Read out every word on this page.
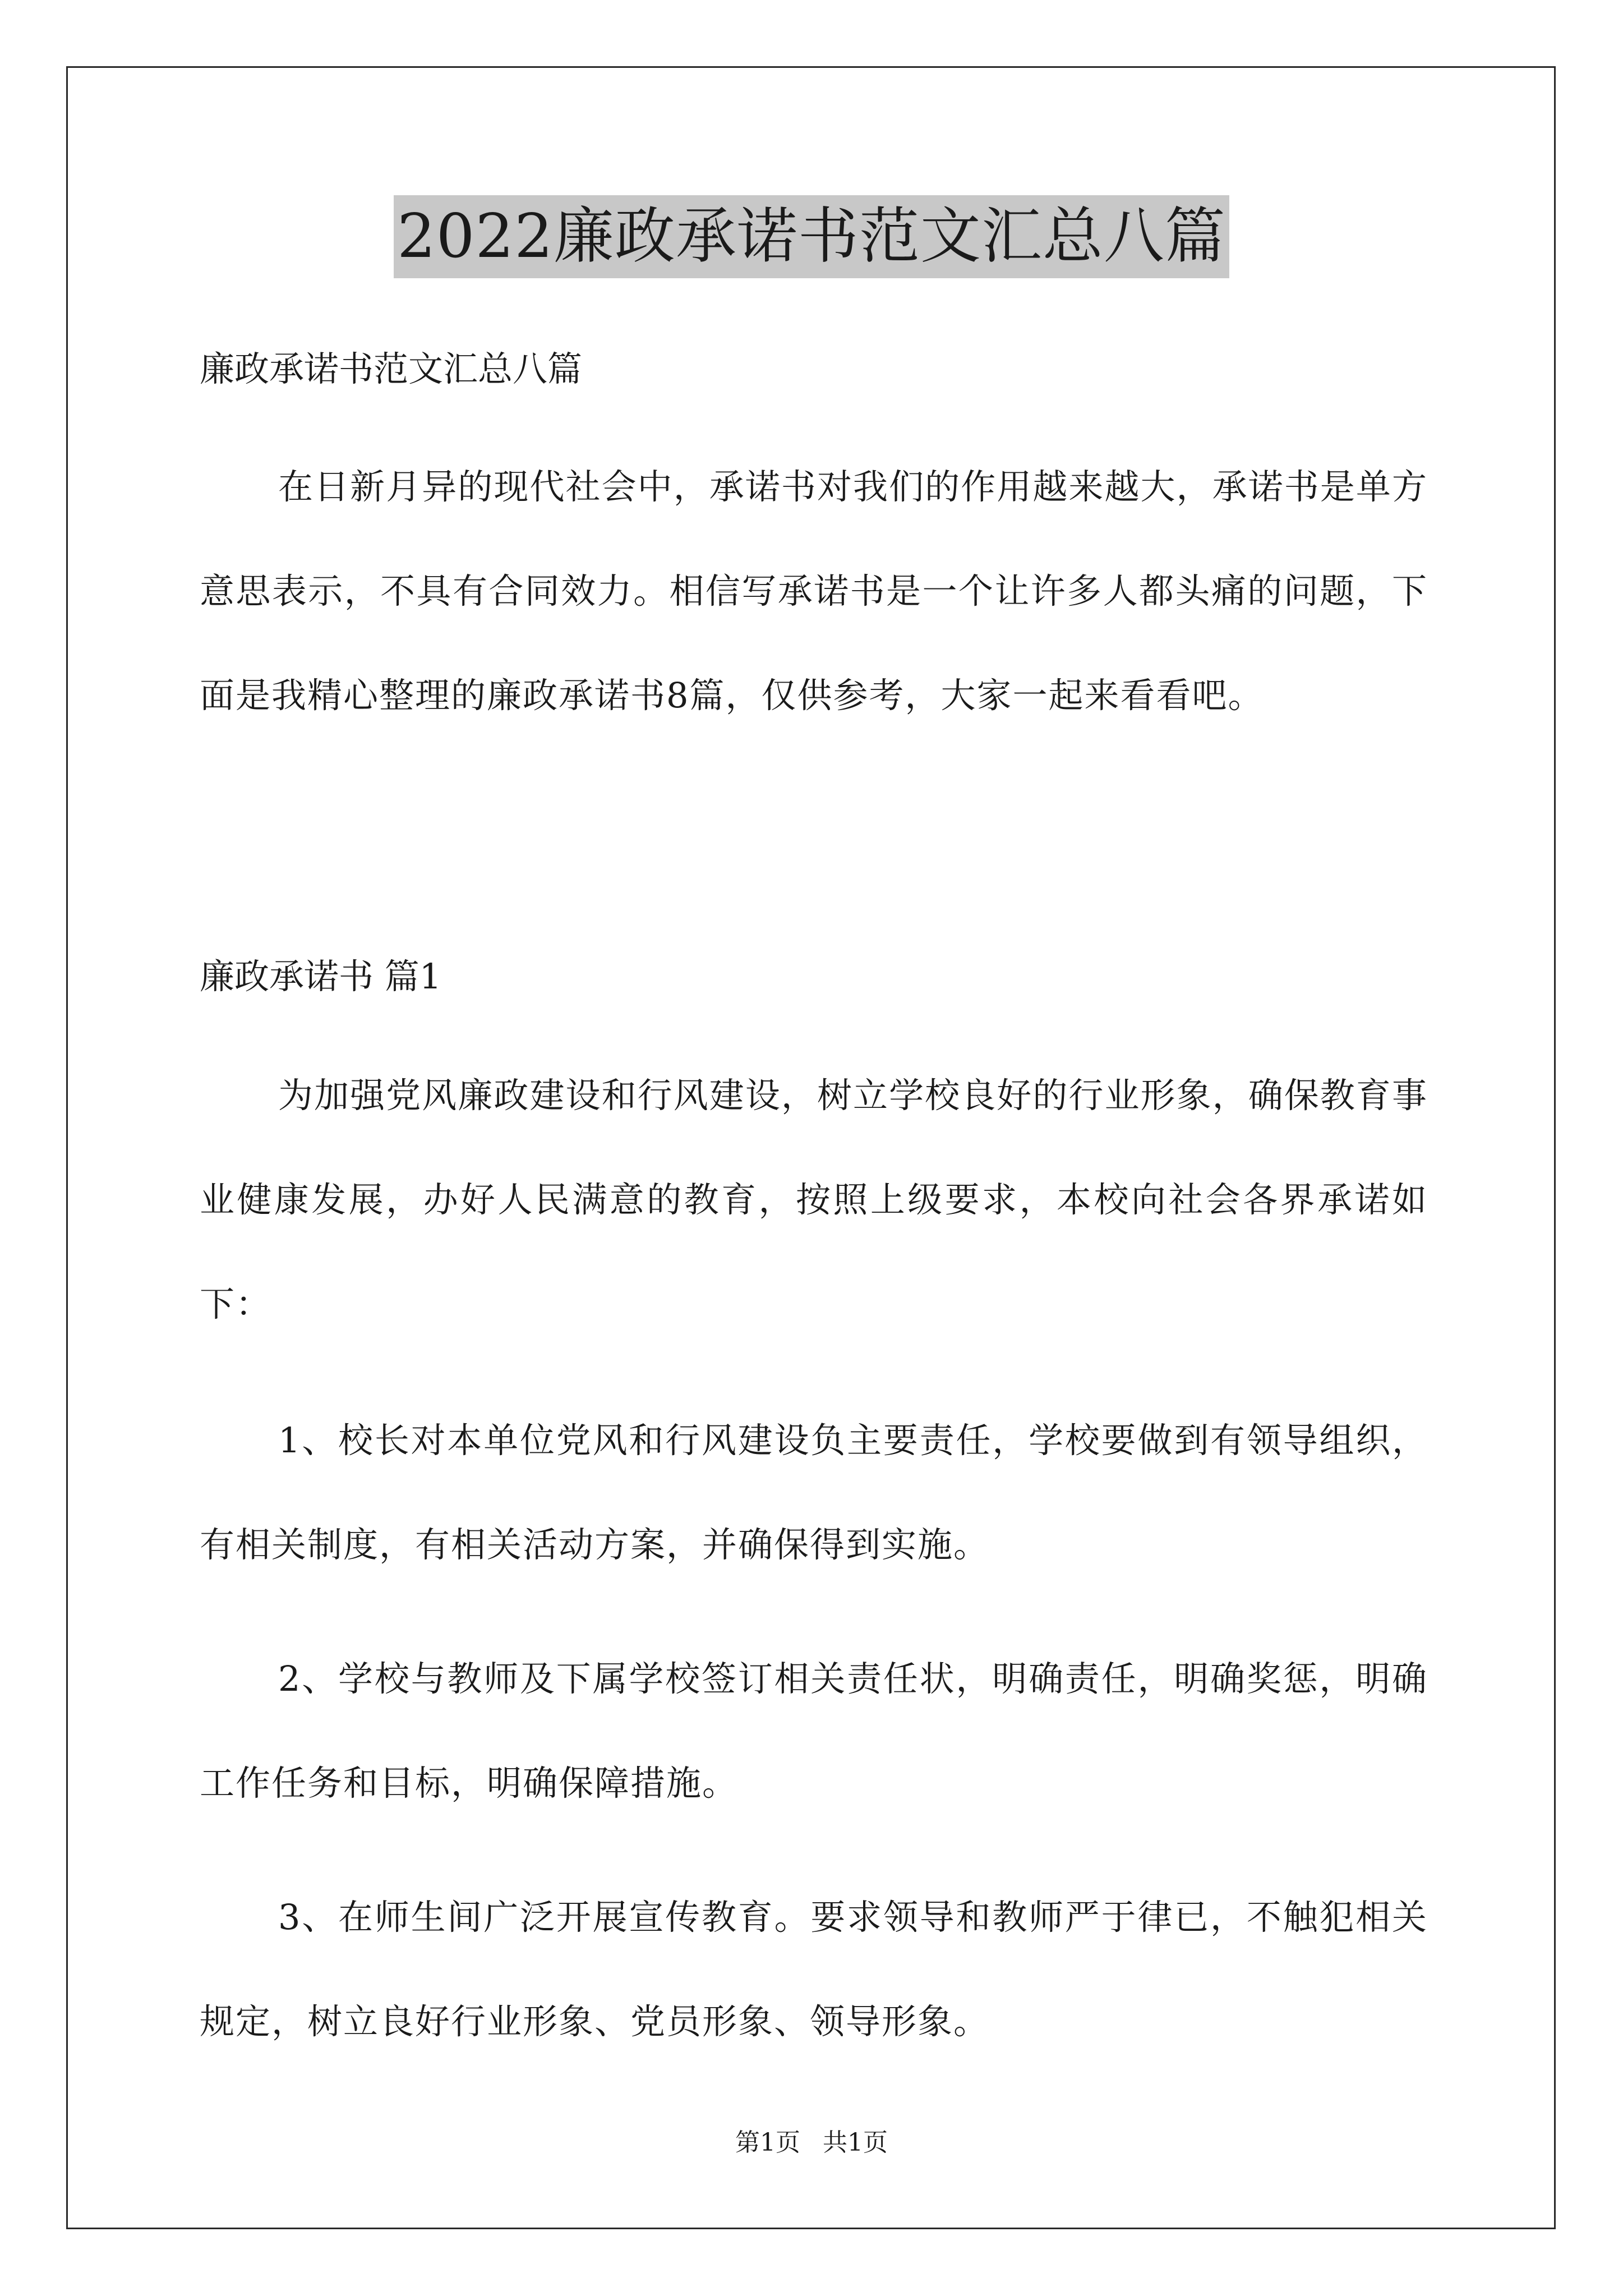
2022廉政承诺书范文汇总八篇
廉政承诺书范文汇总八篇
在日新月异的现代社会中，承诺书对我们的作用越来越大，承诺书是单方意思表示，不具有合同效力。相信写承诺书是一个让许多人都头痛的问题，下面是我精心整理的廉政承诺书8篇，仅供参考，大家一起来看看吧。
廉政承诺书 篇1
为加强党风廉政建设和行风建设，树立学校良好的行业形象，确保教育事业健康发展，办好人民满意的教育，按照上级要求，本校向社会各界承诺如下：
1、校长对本单位党风和行风建设负主要责任，学校要做到有领导组织，有相关制度，有相关活动方案，并确保得到实施。
2、学校与教师及下属学校签订相关责任状，明确责任，明确奖惩，明确工作任务和目标，明确保障措施。
3、在师生间广泛开展宣传教育。要求领导和教师严于律已，不触犯相关规定，树立良好行业形象、党员形象、领导形象。
第1页 共1页
